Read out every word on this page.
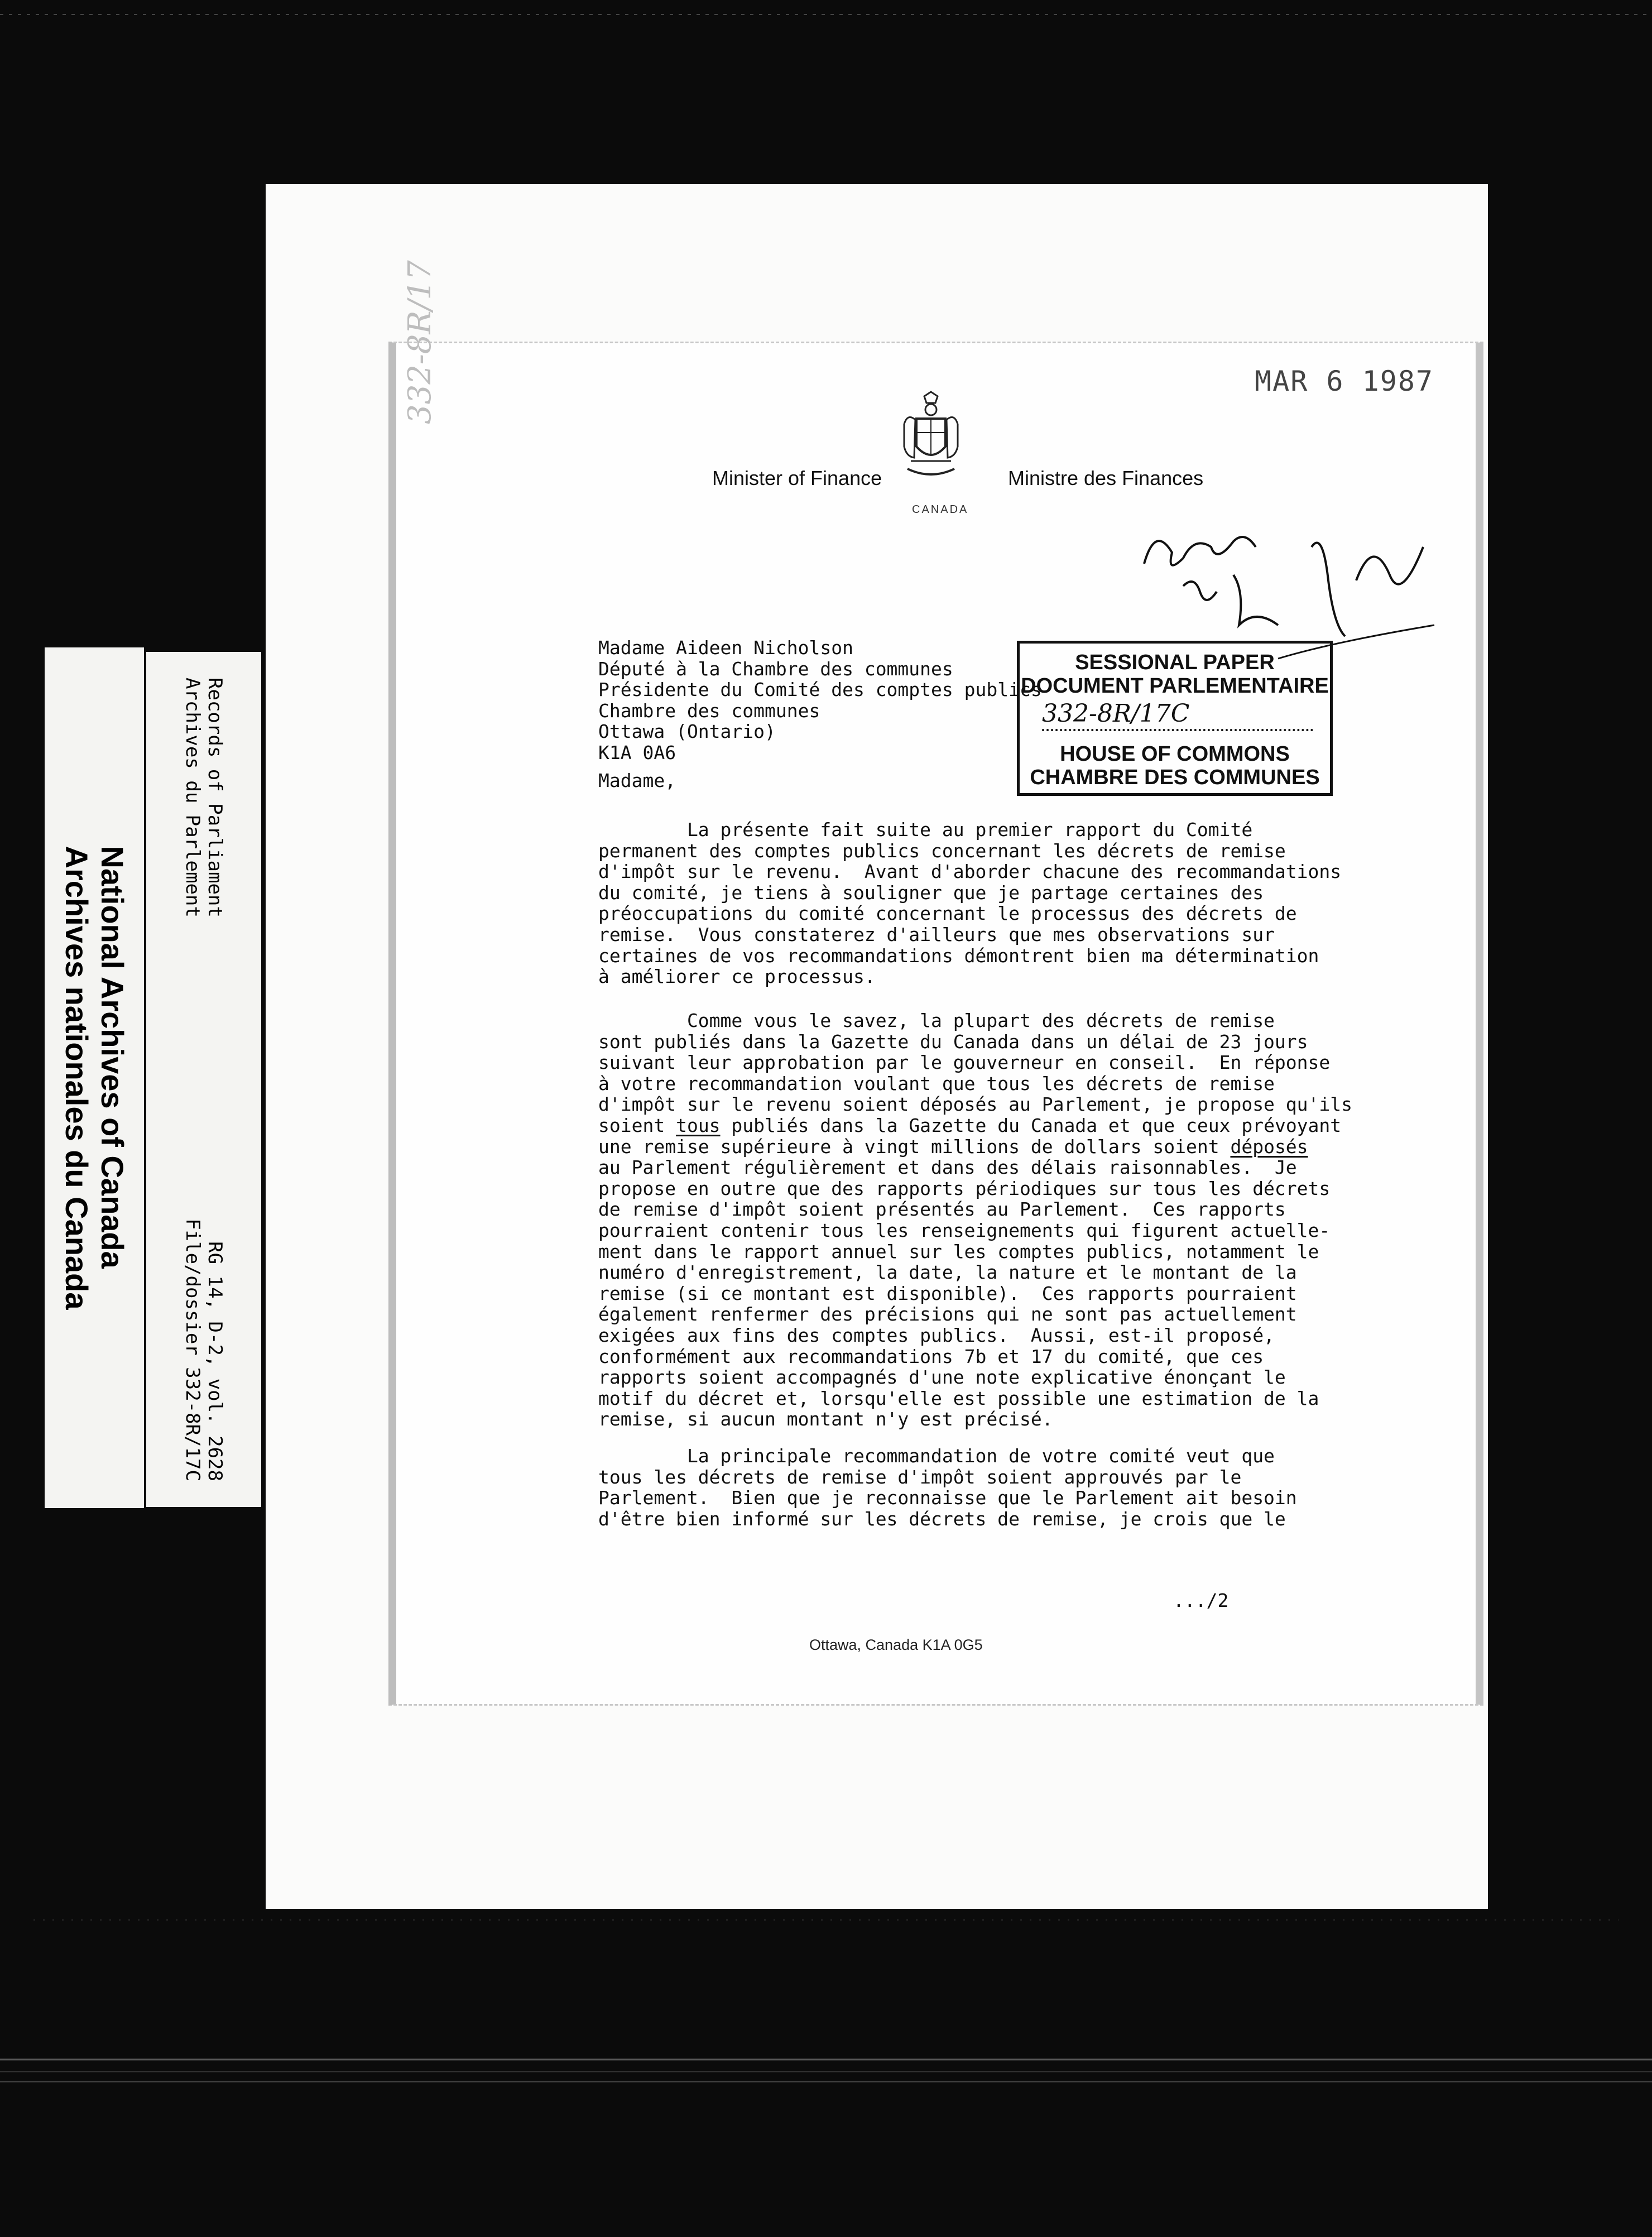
National Archives of Canada
Archives nationales du Canada
Records of Parliament
RG 14, D-2, vol. 2628
Archives du Parlement
File/dossier 332-8R/17C
332-8R/17	MAR 6 1987
Minister of Finance
CANADA
Ministre des Finances
SESSIONAL PAPER
DOCUMENT PARLEMENTAIRE
332-8R/17C
HOUSE OF COMMONS
CHAMBRE DES COMMUNES
Madame Aideen Nicholson
Député à la Chambre des communes
Présidente du Comité des comptes publics
Chambre des communes
Ottawa (Ontario)
K1A 0A6
Madame,
La présente fait suite au premier rapport du Comité
permanent des comptes publics concernant les décrets de remise
d'impôt sur le revenu.  Avant d'aborder chacune des recommandations
du comité, je tiens à souligner que je partage certaines des
préoccupations du comité concernant le processus des décrets de
remise.  Vous constaterez d'ailleurs que mes observations sur
certaines de vos recommandations démontrent bien ma détermination
à améliorer ce processus.
Comme vous le savez, la plupart des décrets de remise
sont publiés dans la Gazette du Canada dans un délai de 23 jours
suivant leur approbation par le gouverneur en conseil.  En réponse
à votre recommandation voulant que tous les décrets de remise
d'impôt sur le revenu soient déposés au Parlement, je propose qu'ils
soient tous publiés dans la Gazette du Canada et que ceux prévoyant
une remise supérieure à vingt millions de dollars soient déposés
au Parlement régulièrement et dans des délais raisonnables.  Je
propose en outre que des rapports périodiques sur tous les décrets
de remise d'impôt soient présentés au Parlement.  Ces rapports
pourraient contenir tous les renseignements qui figurent actuelle-
ment dans le rapport annuel sur les comptes publics, notamment le
numéro d'enregistrement, la date, la nature et le montant de la
remise (si ce montant est disponible).  Ces rapports pourraient
également renfermer des précisions qui ne sont pas actuellement
exigées aux fins des comptes publics.  Aussi, est-il proposé,
conformément aux recommandations 7b et 17 du comité, que ces
rapports soient accompagnés d'une note explicative énonçant le
motif du décret et, lorsqu'elle est possible une estimation de la
remise, si aucun montant n'y est précisé.
La principale recommandation de votre comité veut que
tous les décrets de remise d'impôt soient approuvés par le
Parlement.  Bien que je reconnaisse que le Parlement ait besoin
d'être bien informé sur les décrets de remise, je crois que le
.../2
Ottawa, Canada K1A 0G5
